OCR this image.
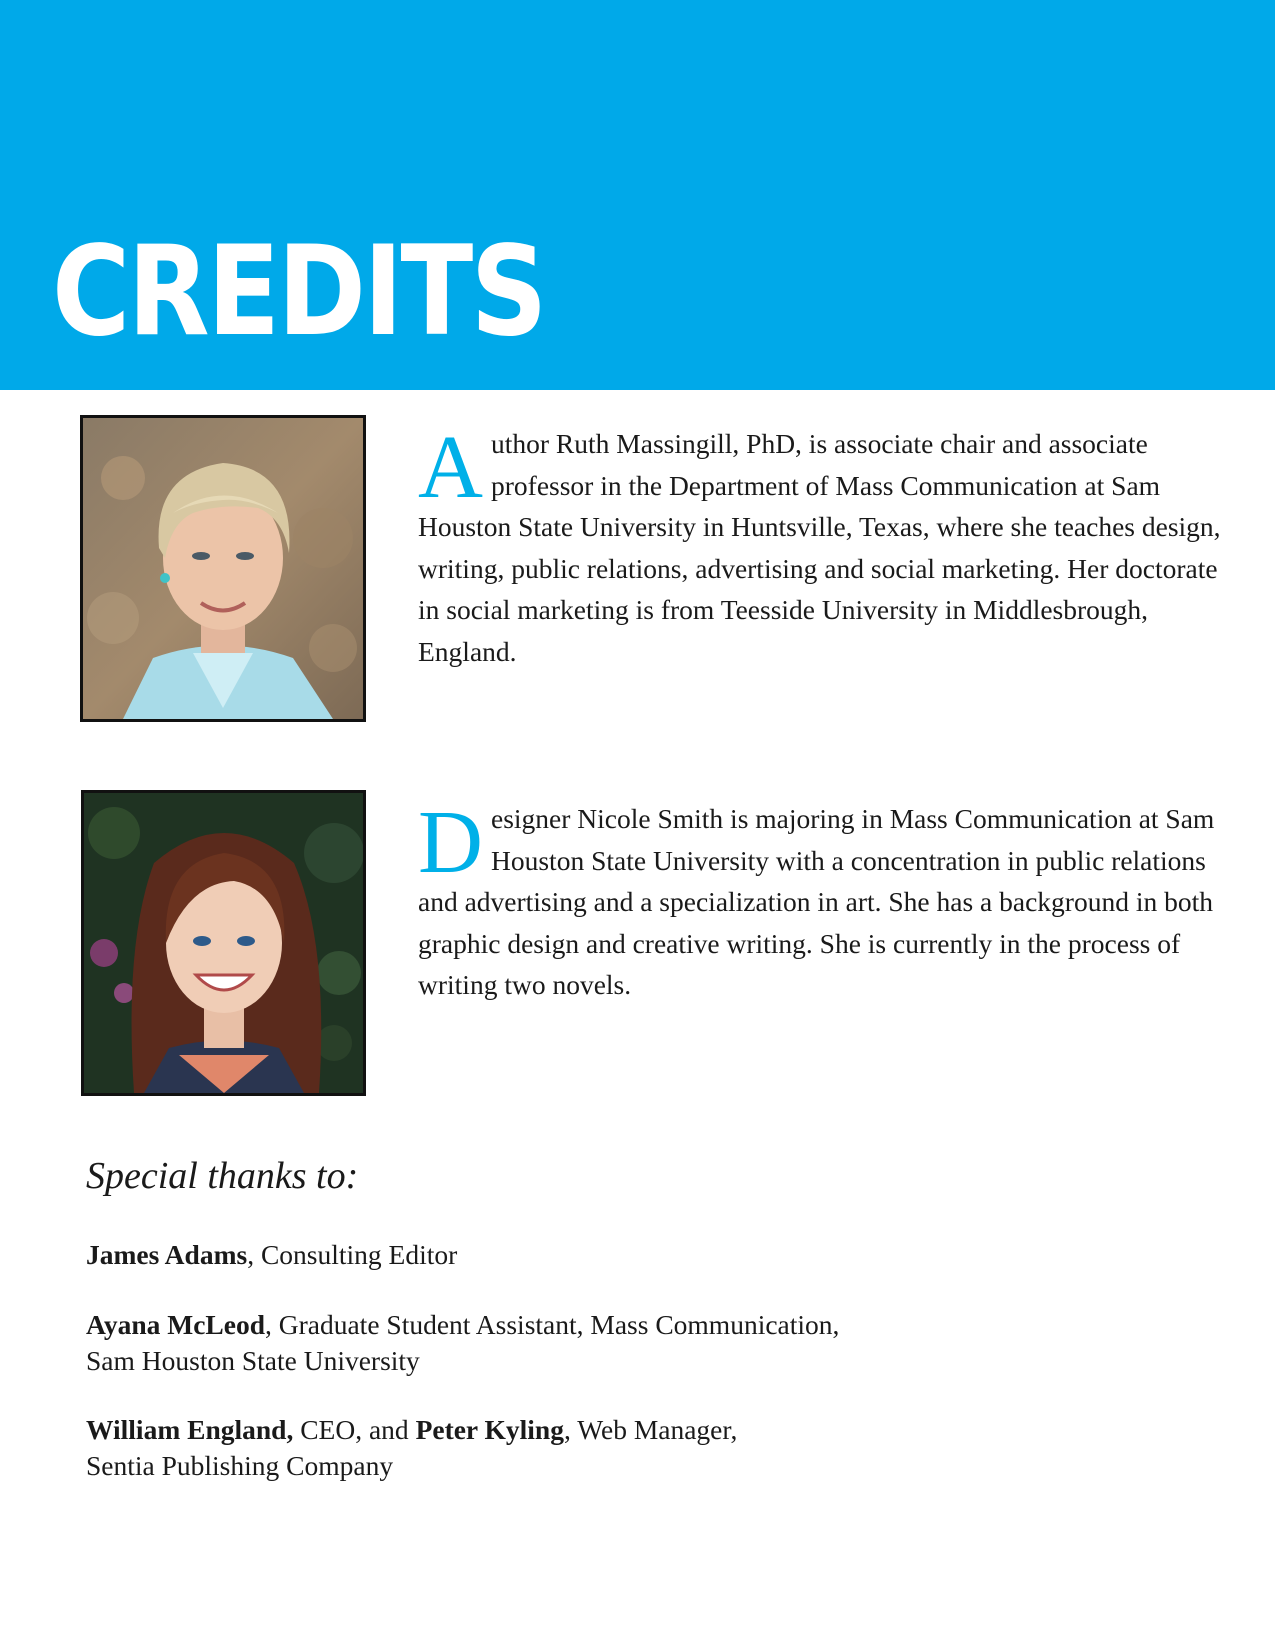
CREDITS

Author Ruth Massingill, PhD, is associate chair and associate professor in the Department of Mass Communication at Sam Houston State University in Huntsville, Texas, where she teaches design, writing, public relations, advertising and social marketing. Her doctorate in social marketing is from Teesside University in Middlesbrough, England.

Designer Nicole Smith is majoring in Mass Communication at Sam Houston State University with a concentration in public relations and advertising and a specialization in art. She has a background in both graphic design and creative writing. She is currently in the process of writing two novels.

Special thanks to:

James Adams, Consulting Editor

Ayana McLeod, Graduate Student Assistant, Mass Communication,
Sam Houston State University

William England, CEO, and Peter Kyling, Web Manager,
Sentia Publishing Company
